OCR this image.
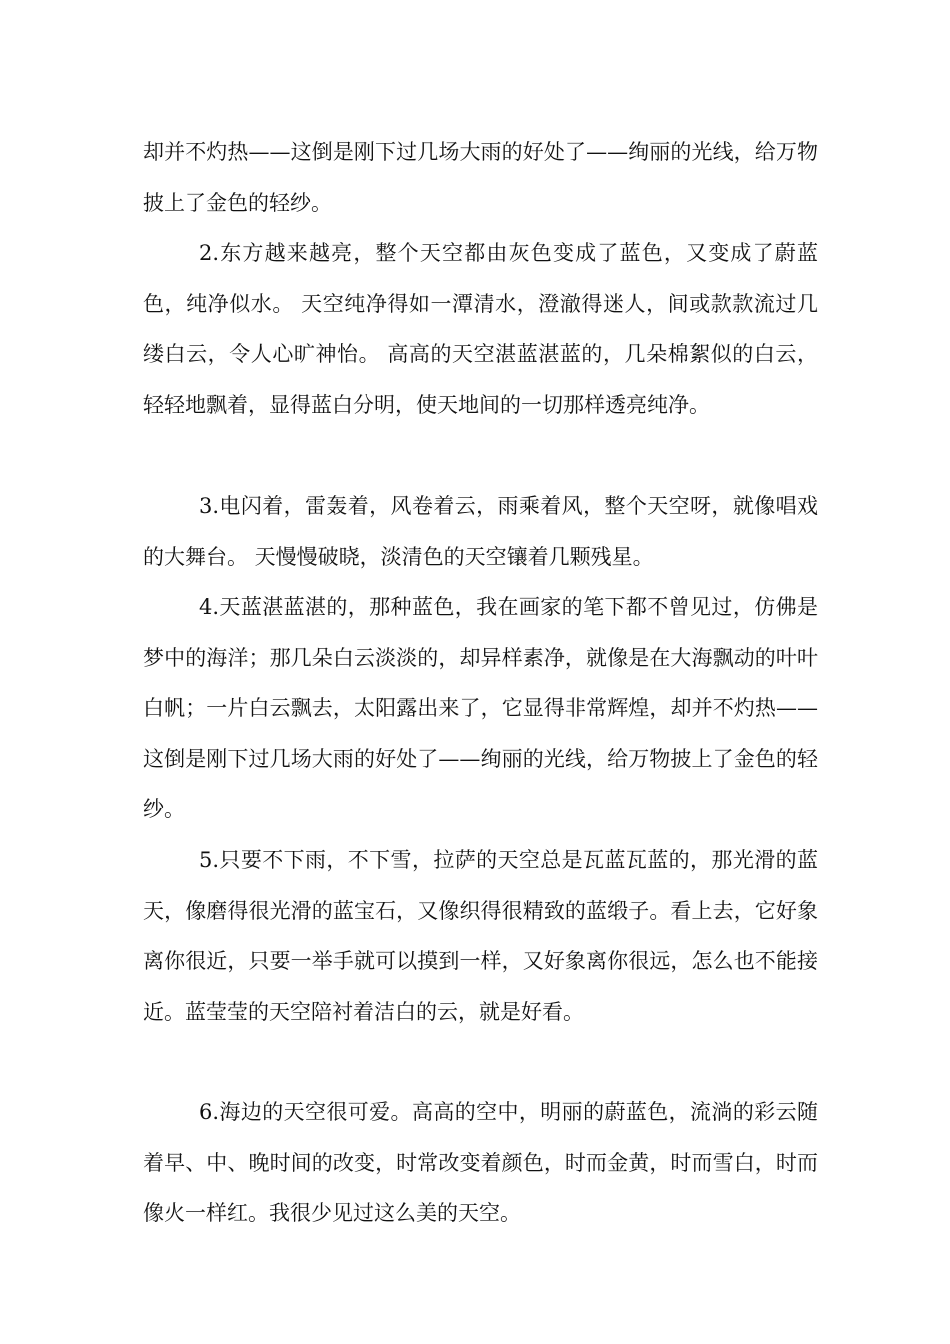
却并不灼热——这倒是刚下过几场大雨的好处了——绚丽的光线，给万物披上了金色的轻纱。

2.东方越来越亮，整个天空都由灰色变成了蓝色，又变成了蔚蓝色，纯净似水。 天空纯净得如一潭清水，澄澈得迷人，间或款款流过几缕白云，令人心旷神怡。 高高的天空湛蓝湛蓝的，几朵棉絮似的白云，轻轻地飘着，显得蓝白分明，使天地间的一切那样透亮纯净。

3.电闪着，雷轰着，风卷着云，雨乘着风，整个天空呀，就像唱戏的大舞台。 天慢慢破晓，淡清色的天空镶着几颗残星。

4.天蓝湛蓝湛的，那种蓝色，我在画家的笔下都不曾见过，仿佛是梦中的海洋；那几朵白云淡淡的，却异样素净，就像是在大海飘动的叶叶白帆；一片白云飘去，太阳露出来了，它显得非常辉煌，却并不灼热——这倒是刚下过几场大雨的好处了——绚丽的光线，给万物披上了金色的轻纱。

5.只要不下雨，不下雪，拉萨的天空总是瓦蓝瓦蓝的，那光滑的蓝天，像磨得很光滑的蓝宝石，又像织得很精致的蓝缎子。看上去，它好象离你很近，只要一举手就可以摸到一样，又好象离你很远，怎么也不能接近。蓝莹莹的天空陪衬着洁白的云，就是好看。

6.海边的天空很可爱。高高的空中，明丽的蔚蓝色，流淌的彩云随着早、中、晚时间的改变，时常改变着颜色，时而金黄，时而雪白，时而像火一样红。我很少见过这么美的天空。
